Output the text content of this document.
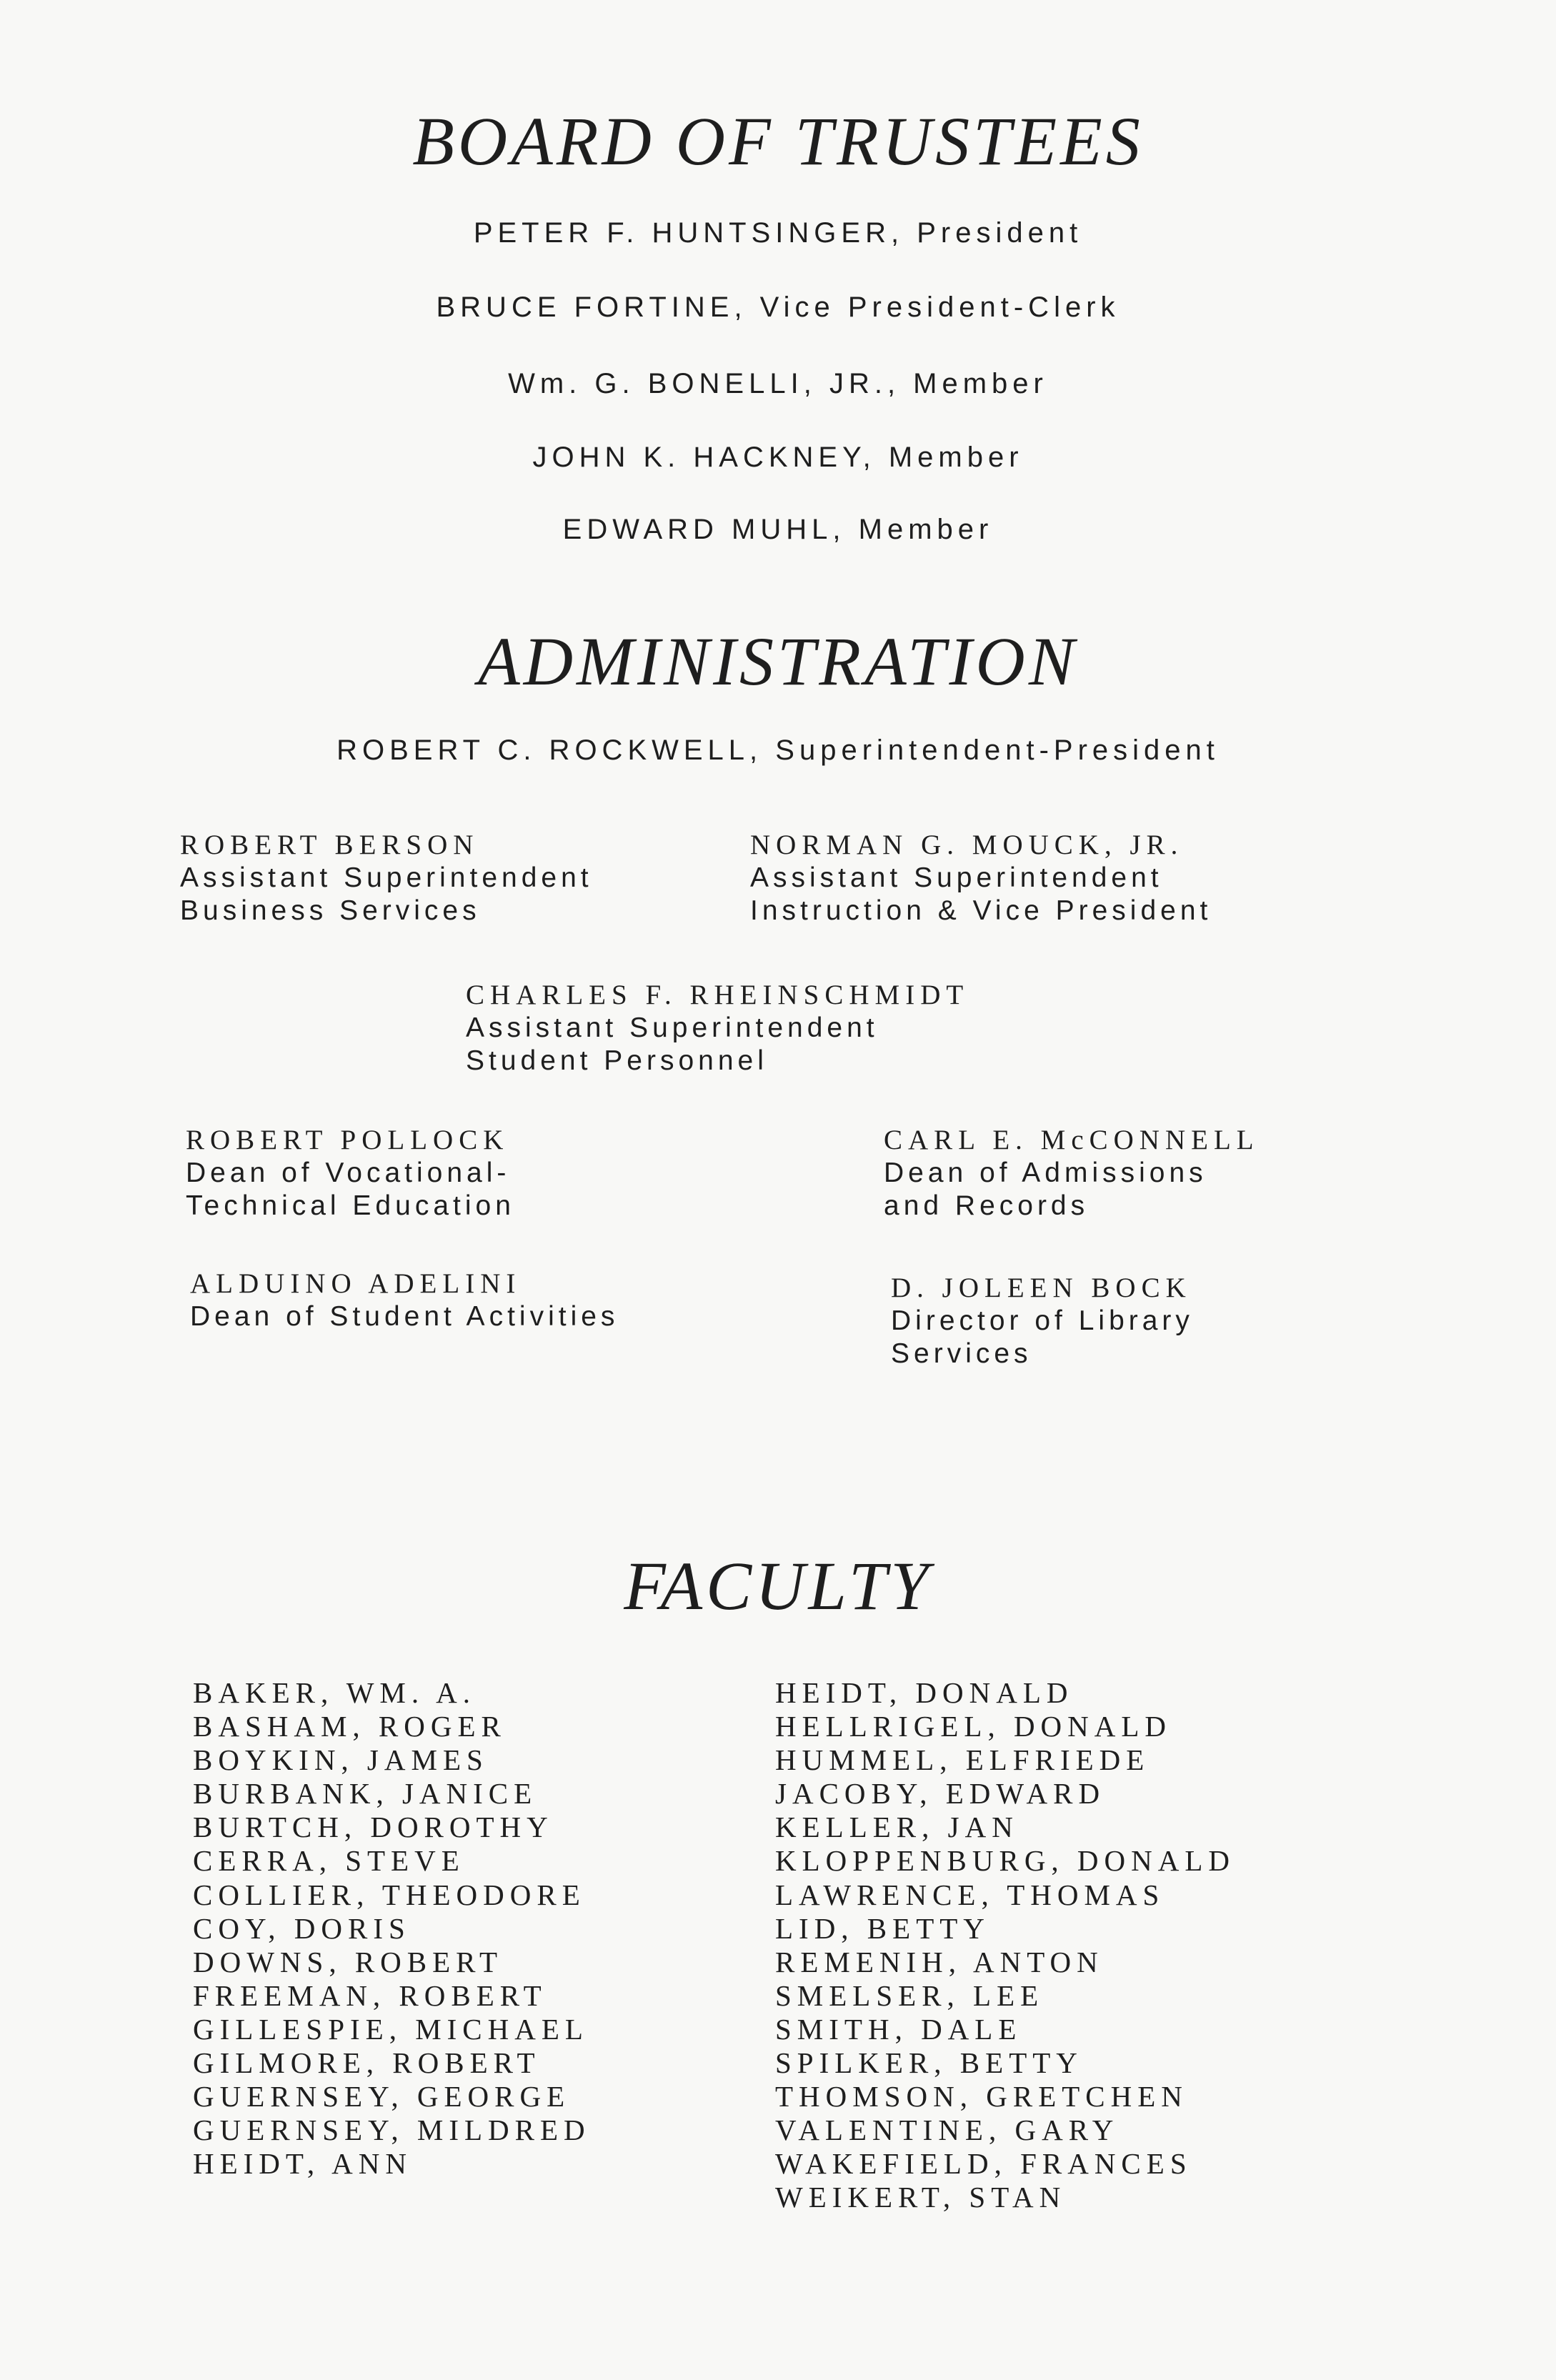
BOARD OF TRUSTEES
PETER F. HUNTSINGER, President
BRUCE FORTINE, Vice President-Clerk
Wm. G. BONELLI, JR., Member
JOHN K. HACKNEY, Member
EDWARD MUHL, Member
ADMINISTRATION
ROBERT C. ROCKWELL, Superintendent-President
ROBERT BERSON
Assistant Superintendent
Business Services
NORMAN G. MOUCK, JR.
Assistant Superintendent
Instruction & Vice President
CHARLES F. RHEINSCHMIDT
Assistant Superintendent
Student Personnel
ROBERT POLLOCK
Dean of Vocational-
Technical Education
CARL E. McCONNELL
Dean of Admissions
and Records
ALDUINO ADELINI
Dean of Student Activities
D. JOLEEN BOCK
Director of Library
Services
FACULTY
BAKER, WM. A.
BASHAM, ROGER
BOYKIN, JAMES
BURBANK, JANICE
BURTCH, DOROTHY
CERRA, STEVE
COLLIER, THEODORE
COY, DORIS
DOWNS, ROBERT
FREEMAN, ROBERT
GILLESPIE, MICHAEL
GILMORE, ROBERT
GUERNSEY, GEORGE
GUERNSEY, MILDRED
HEIDT, ANN
HEIDT, DONALD
HELLRIGEL, DONALD
HUMMEL, ELFRIEDE
JACOBY, EDWARD
KELLER, JAN
KLOPPENBURG, DONALD
LAWRENCE, THOMAS
LID, BETTY
REMENIH, ANTON
SMELSER, LEE
SMITH, DALE
SPILKER, BETTY
THOMSON, GRETCHEN
VALENTINE, GARY
WAKEFIELD, FRANCES
WEIKERT, STAN
